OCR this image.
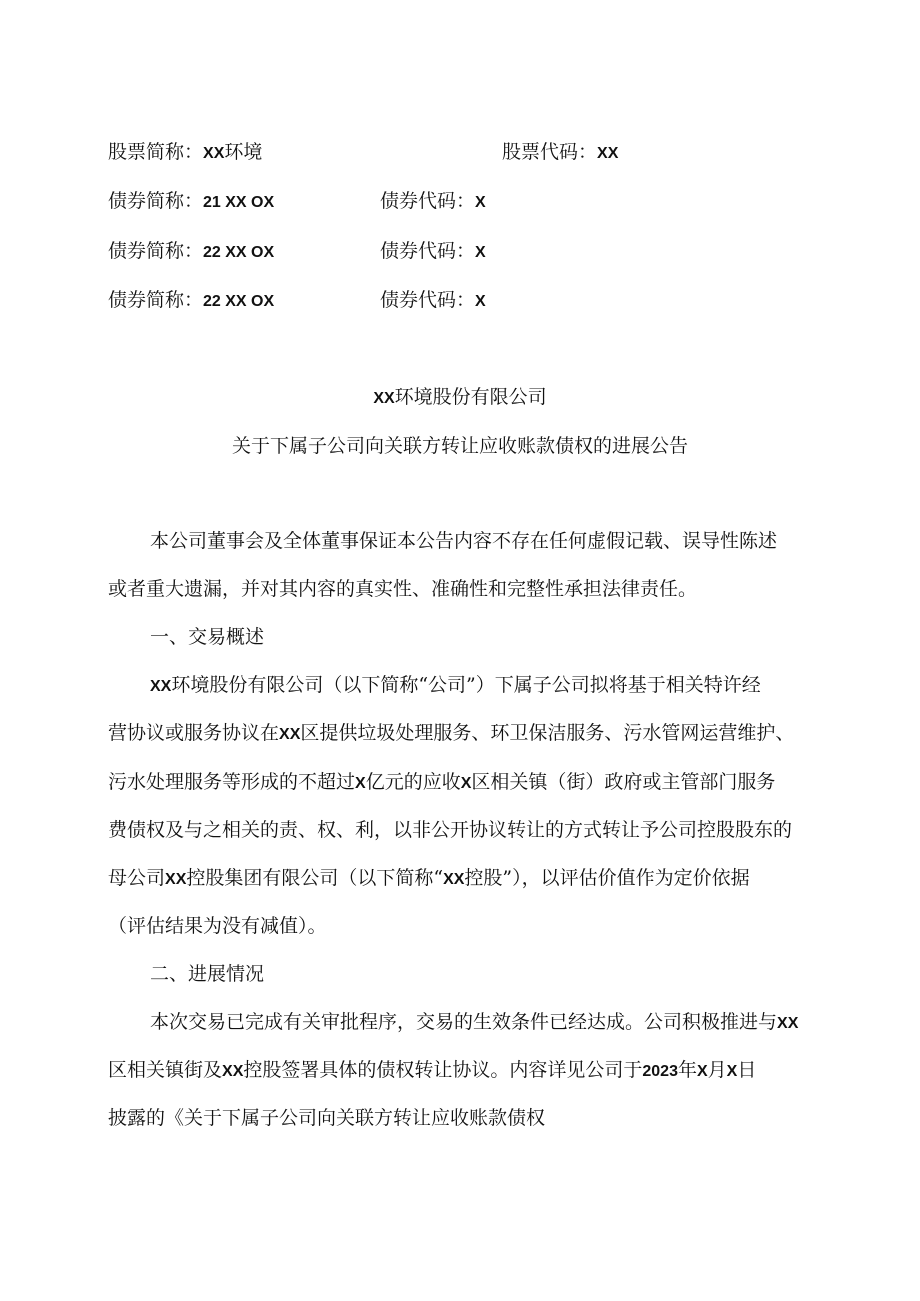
股票简称：XX环境	股票代码：XX
债券简称：21 XX OX	债券代码：X
债券简称：22 XX OX	债券代码：X
债券简称：22 XX OX	债券代码：X
XX环境股份有限公司
关于下属子公司向关联方转让应收账款债权的进展公告
本公司董事会及全体董事保证本公告内容不存在任何虚假记载、误导性陈述
或者重大遗漏，并对其内容的真实性、准确性和完整性承担法律责任。
一、交易概述
XX环境股份有限公司（以下简称“公司”）下属子公司拟将基于相关特许经
营协议或服务协议在XX区提供垃圾处理服务、环卫保洁服务、污水管网运营维护、
污水处理服务等形成的不超过X亿元的应收X区相关镇（街）政府或主管部门服务
费债权及与之相关的责、权、利，以非公开协议转让的方式转让予公司控股股东的
母公司XX控股集团有限公司（以下简称“XX控股”），以评估价值作为定价依据
（评估结果为没有减值）。
二、进展情况
本次交易已完成有关审批程序，交易的生效条件已经达成。公司积极推进与XX
区相关镇街及XX控股签署具体的债权转让协议。内容详见公司于2023年X月X日
披露的《关于下属子公司向关联方转让应收账款债权
